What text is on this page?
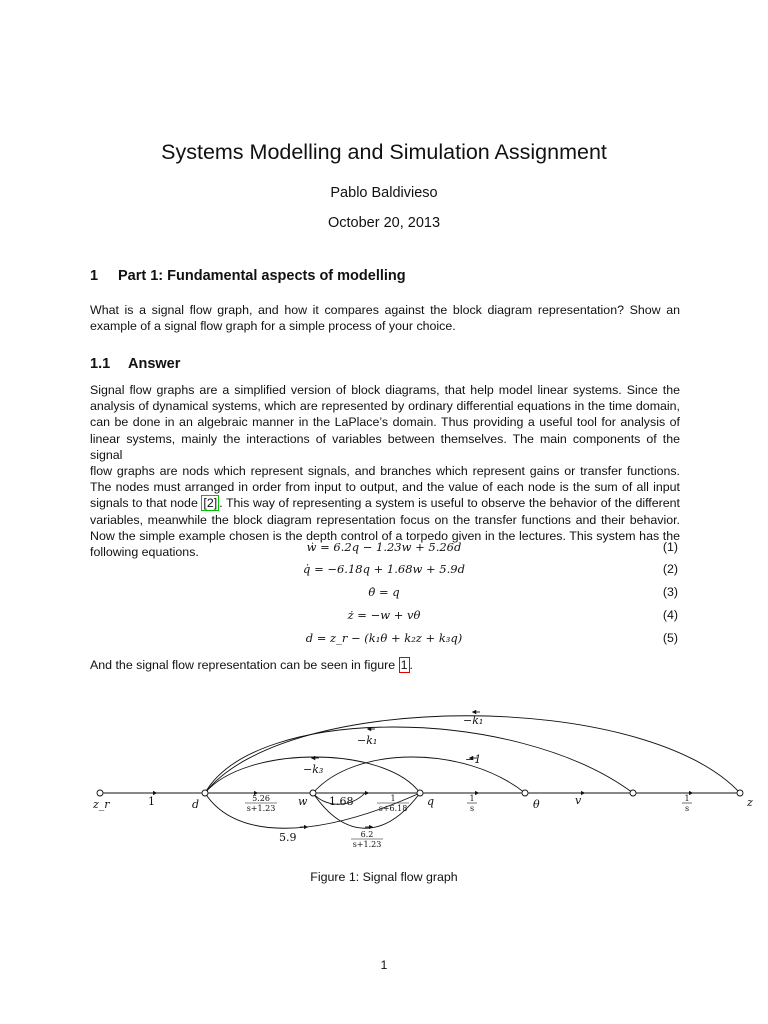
Systems Modelling and Simulation Assignment
Pablo Baldivieso
October 20, 2013
1 Part 1: Fundamental aspects of modelling

What is a signal flow graph, and how it compares against the block diagram representation? Show an
example of a signal flow graph for a simple process of your choice.

1.1 Answer

Signal flow graphs are a simplified version of block diagrams, that help model linear systems. Since the
analysis of dynamical systems, which are represented by ordinary differential equations in the time domain,
can be done in an algebraic manner in the LaPlace’s domain. Thus providing a useful tool for analysis of
linear systems, mainly the interactions of variables between themselves. The main components of the signal
flow graphs are nods which represent signals, and branches which represent gains or transfer functions.
The nodes must arranged in order from input to output, and the value of each node is the sum of all input
signals to that node [2] . This way of representing a system is useful to observe the behavior of the different
variables, meanwhile the block diagram representation focus on the transfer functions and their behavior.
Now the simple example chosen is the depth control of a torpedo given in the lectures. This system has the
following equations.	ẇ = 6.2q − 1.23w + 5.26d	(1)
q̇ = −6.18q + 1.68w + 5.9d	(2)
θ̇ = q	(3)
ż = −w + vθ	(4)
d = z_r − (k₁θ + k₂z + k₃q)	(5)

And the signal flow representation can be seen in figure 1 .

z_r	1	d	w 1.68	q	θ	v	z
−k₁
−k₁
−k₃
−1
5.9
5.26
s+1.23
1
s+6.18
1
s
1
s
6.2
s+1.23
Figure 1: Signal flow graph
1
